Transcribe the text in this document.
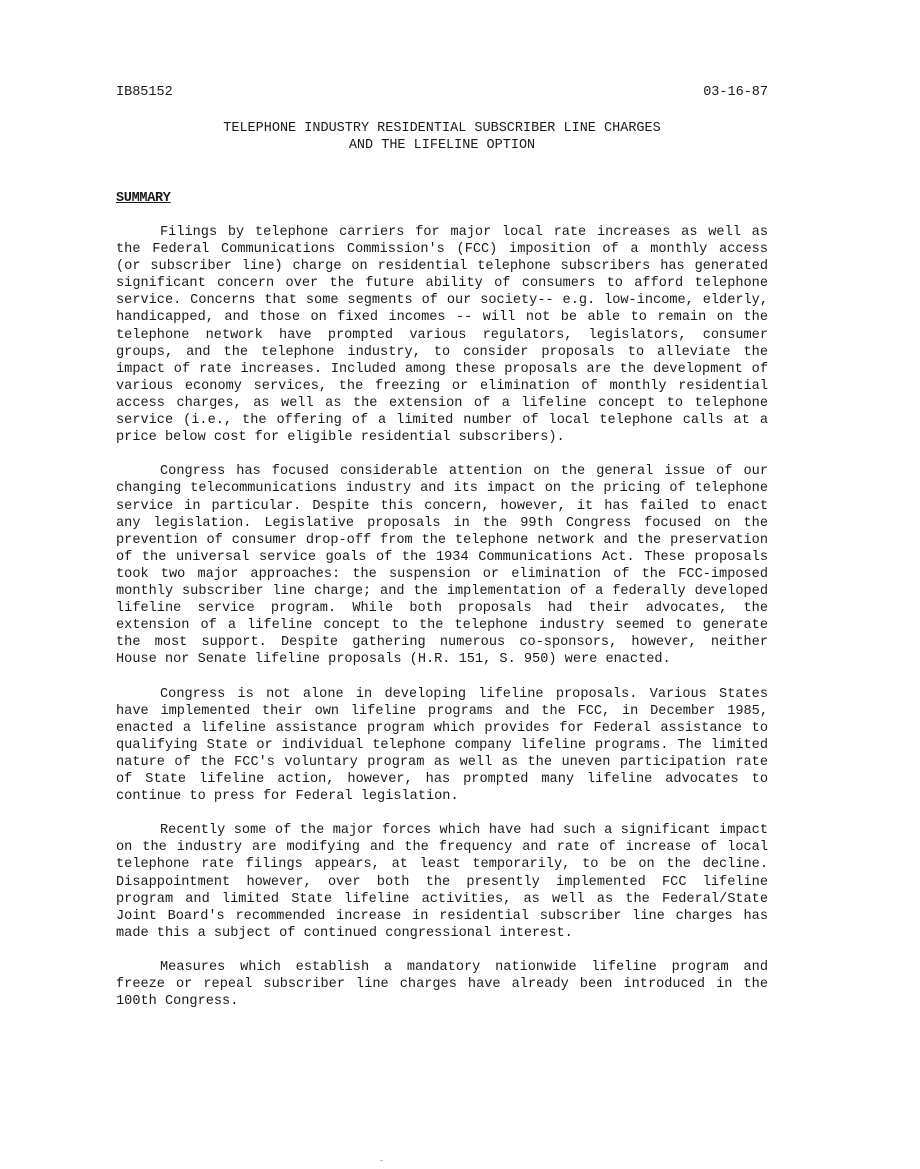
IB85152	03-16-87
TELEPHONE INDUSTRY RESIDENTIAL SUBSCRIBER LINE CHARGES
AND THE LIFELINE OPTION
SUMMARY

Filings by telephone carriers for major local rate increases as well as the Federal Communications Commission's (FCC) imposition of a monthly access (or subscriber line) charge on residential telephone subscribers has generated significant concern over the future ability of consumers to afford telephone service. Concerns that some segments of our society-- e.g. low-income, elderly, handicapped, and those on fixed incomes -- will not be able to remain on the telephone network have prompted various regulators, legislators, consumer groups, and the telephone industry, to consider proposals to alleviate the impact of rate increases. Included among these proposals are the development of various economy services, the freezing or elimination of monthly residential access charges, as well as the extension of a lifeline concept to telephone service (i.e., the offering of a limited number of local telephone calls at a price below cost for eligible residential subscribers).

Congress has focused considerable attention on the general issue of our changing telecommunications industry and its impact on the pricing of telephone service in particular. Despite this concern, however, it has failed to enact any legislation. Legislative proposals in the 99th Congress focused on the prevention of consumer drop-off from the telephone network and the preservation of the universal service goals of the 1934 Communications Act. These proposals took two major approaches: the suspension or elimination of the FCC-imposed monthly subscriber line charge; and the implementation of a federally developed lifeline service program. While both proposals had their advocates, the extension of a lifeline concept to the telephone industry seemed to generate the most support. Despite gathering numerous co-sponsors, however, neither House nor Senate lifeline proposals (H.R. 151, S. 950) were enacted.

Congress is not alone in developing lifeline proposals. Various States have implemented their own lifeline programs and the FCC, in December 1985, enacted a lifeline assistance program which provides for Federal assistance to qualifying State or individual telephone company lifeline programs. The limited nature of the FCC's voluntary program as well as the uneven participation rate of State lifeline action, however, has prompted many lifeline advocates to continue to press for Federal legislation.

Recently some of the major forces which have had such a significant impact on the industry are modifying and the frequency and rate of increase of local telephone rate filings appears, at least temporarily, to be on the decline. Disappointment however, over both the presently implemented FCC lifeline program and limited State lifeline activities, as well as the Federal/State Joint Board's recommended increase in residential subscriber line charges has made this a subject of continued congressional interest.

Measures which establish a mandatory nationwide lifeline program and freeze or repeal subscriber line charges have already been introduced in the 100th Congress.
